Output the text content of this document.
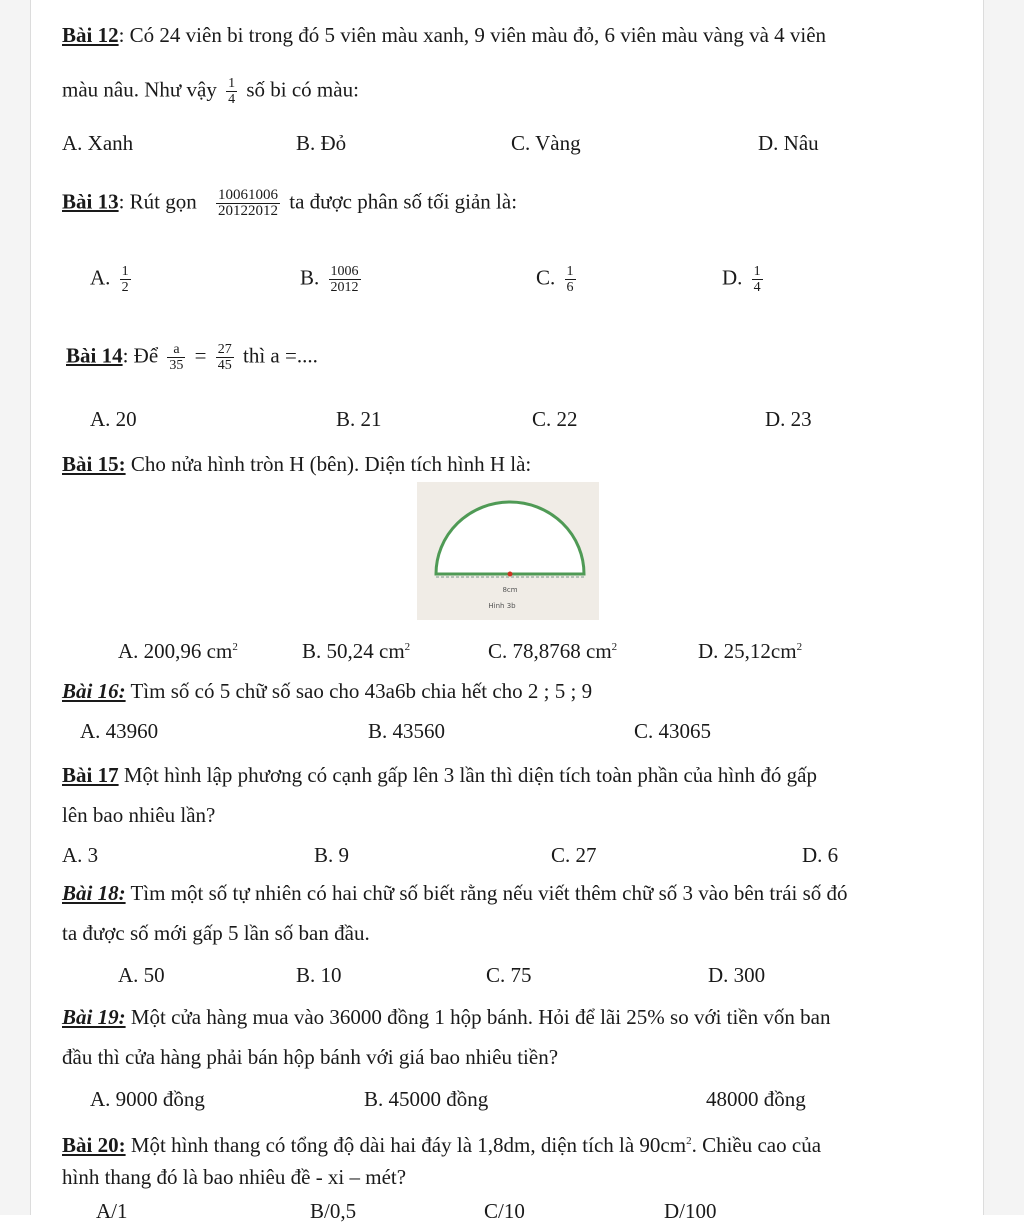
Bài 12: Có 24 viên bi trong đó 5 viên màu xanh, 9 viên màu đỏ, 6 viên màu vàng và 4 viên
màu nâu. Như vậy $\frac{1}{4}$ số bi có màu:
A. Xanh	B. Đỏ	C. Vàng	D. Nâu
Bài 13: Rút gọn $\frac{10061006}{20122012}$ ta được phân số tối giản là:
A. $\frac{1}{2}$	B. $\frac{1006}{2012}$	C. $\frac{1}{6}$	D. $\frac{1}{4}$
Bài 14: Để $\frac{a}{35} = \frac{27}{45}$ thì a =....
A. 20	B. 21	C. 22	D. 23
Bài 15: Cho nửa hình tròn H (bên). Diện tích hình H là:
8cm
Hình 3b
A. 200,96 $cm^2$	B. 50,24 $cm^2$	C. 78,8768 $cm^2$	D. $25,12cm^2$
Bài 16: Tìm số có 5 chữ số sao cho 43a6b chia hết cho 2 ; 5 ; 9
A. 43960	B. 43560	C. 43065
Bài 17 Một hình lập phương có cạnh gấp lên 3 lần thì diện tích toàn phần của hình đó gấp
lên bao nhiêu lần?
A. 3	B. 9	C. 27	D. 6
Bài 18: Tìm một số tự nhiên có hai chữ số biết rằng nếu viết thêm chữ số 3 vào bên trái số đó
ta được số mới gấp 5 lần số ban đầu.
A. 50	B. 10	C. 75	D. 300
Bài 19: Một cửa hàng mua vào 36000 đồng 1 hộp bánh. Hỏi để lãi 25% so với tiền vốn ban
đầu thì cửa hàng phải bán hộp bánh với giá bao nhiêu tiền?
A. 9000 đồng	B. 45000 đồng	48000 đồng
Bài 20: Một hình thang có tổng độ dài hai đáy là 1,8dm, diện tích là $90cm^2$. Chiều cao của
hình thang đó là bao nhiêu đề - xi – mét?
A/1	B/0,5	C/10	D/100
